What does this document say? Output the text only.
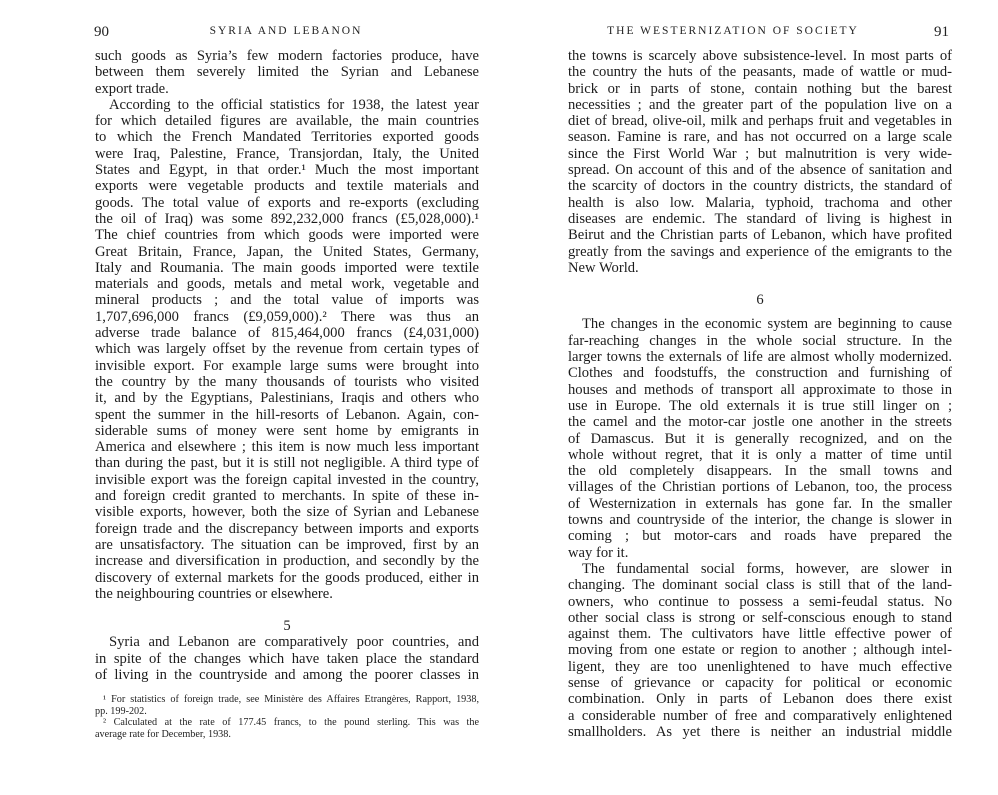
90	SYRIA AND LEBANON
such goods as Syria’s few modern factories produce, have
between them severely limited the Syrian and Lebanese
export trade.
According to the official statistics for 1938, the latest year
for which detailed figures are available, the main countries
to which the French Mandated Territories exported goods
were Iraq, Palestine, France, Transjordan, Italy, the United
States and Egypt, in that order.¹ Much the most important
exports were vegetable products and textile materials and
goods. The total value of exports and re-exports (excluding
the oil of Iraq) was some 892,232,000 francs (£5,028,000).¹
The chief countries from which goods were imported were
Great Britain, France, Japan, the United States, Germany,
Italy and Roumania. The main goods imported were textile
materials and goods, metals and metal work, vegetable and
mineral products ; and the total value of imports was
1,707,696,000 francs (£9,059,000).² There was thus an
adverse trade balance of 815,464,000 francs (£4,031,000)
which was largely offset by the revenue from certain types of
invisible export. For example large sums were brought into
the country by the many thousands of tourists who visited
it, and by the Egyptians, Palestinians, Iraqis and others who
spent the summer in the hill-resorts of Lebanon. Again, con-
siderable sums of money were sent home by emigrants in
America and elsewhere ; this item is now much less important
than during the past, but it is still not negligible. A third type of
invisible export was the foreign capital invested in the country,
and foreign credit granted to merchants. In spite of these in-
visible exports, however, both the size of Syrian and Lebanese
foreign trade and the discrepancy between imports and exports
are unsatisfactory. The situation can be improved, first by an
increase and diversification in production, and secondly by the
discovery of external markets for the goods produced, either in
the neighbouring countries or elsewhere.
5
Syria and Lebanon are comparatively poor countries, and
in spite of the changes which have taken place the standard
of living in the countryside and among the poorer classes in
¹ For statistics of foreign trade, see Ministère des Affaires Etrangères, Rapport, 1938,
pp. 199-202.
² Calculated at the rate of 177.45 francs, to the pound sterling. This was the
average rate for December, 1938.
THE WESTERNIZATION OF SOCIETY	91
the towns is scarcely above subsistence-level. In most parts of
the country the huts of the peasants, made of wattle or mud-
brick or in parts of stone, contain nothing but the barest
necessities ; and the greater part of the population live on a
diet of bread, olive-oil, milk and perhaps fruit and vegetables in
season. Famine is rare, and has not occurred on a large scale
since the First World War ; but malnutrition is very wide-
spread. On account of this and of the absence of sanitation and
the scarcity of doctors in the country districts, the standard of
health is also low. Malaria, typhoid, trachoma and other
diseases are endemic. The standard of living is highest in
Beirut and the Christian parts of Lebanon, which have profited
greatly from the savings and experience of the emigrants to the
New World.
6
The changes in the economic system are beginning to cause
far-reaching changes in the whole social structure. In the
larger towns the externals of life are almost wholly modernized.
Clothes and foodstuffs, the construction and furnishing of
houses and methods of transport all approximate to those in
use in Europe. The old externals it is true still linger on ;
the camel and the motor-car jostle one another in the streets
of Damascus. But it is generally recognized, and on the
whole without regret, that it is only a matter of time until
the old completely disappears. In the small towns and
villages of the Christian portions of Lebanon, too, the process
of Westernization in externals has gone far. In the smaller
towns and countryside of the interior, the change is slower in
coming ; but motor-cars and roads have prepared the
way for it.
The fundamental social forms, however, are slower in
changing. The dominant social class is still that of the land-
owners, who continue to possess a semi-feudal status. No
other social class is strong or self-conscious enough to stand
against them. The cultivators have little effective power of
moving from one estate or region to another ; although intel-
ligent, they are too unenlightened to have much effective
sense of grievance or capacity for political or economic
combination. Only in parts of Lebanon does there exist
a considerable number of free and comparatively enlightened
smallholders. As yet there is neither an industrial middle
